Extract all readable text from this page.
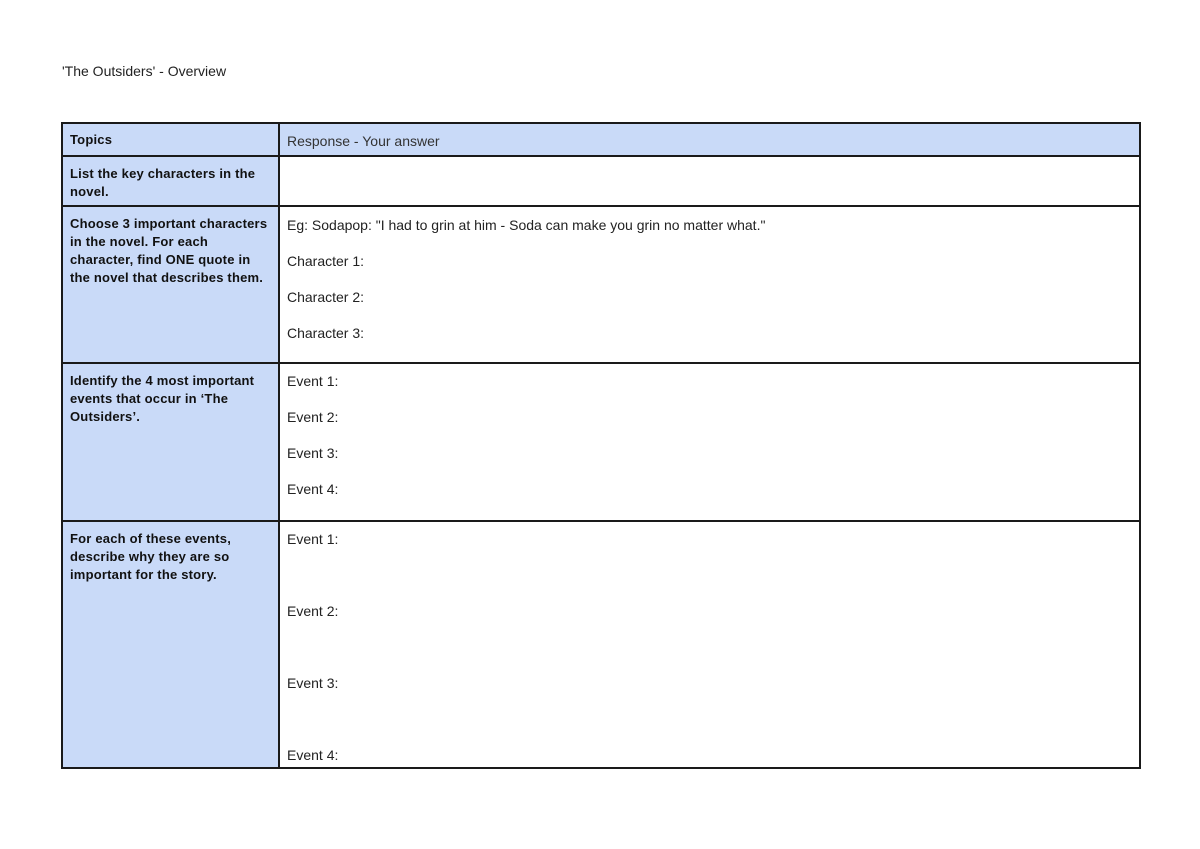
'The Outsiders' - Overview
Topics	Response - Your answer

List the key characters in the novel.	

Choose 3 important characters in the novel. For each character, find ONE quote in the novel that describes them.	Eg: Sodapop: "I had to grin at him - Soda can make you grin no matter what."
Character 1:
Character 2:
Character 3:

Identify the 4 most important events that occur in ‘The Outsiders’.	Event 1:
Event 2:
Event 3:
Event 4:

For each of these events, describe why they are so important for the story.	Event 1:
Event 2:
Event 3:
Event 4:
